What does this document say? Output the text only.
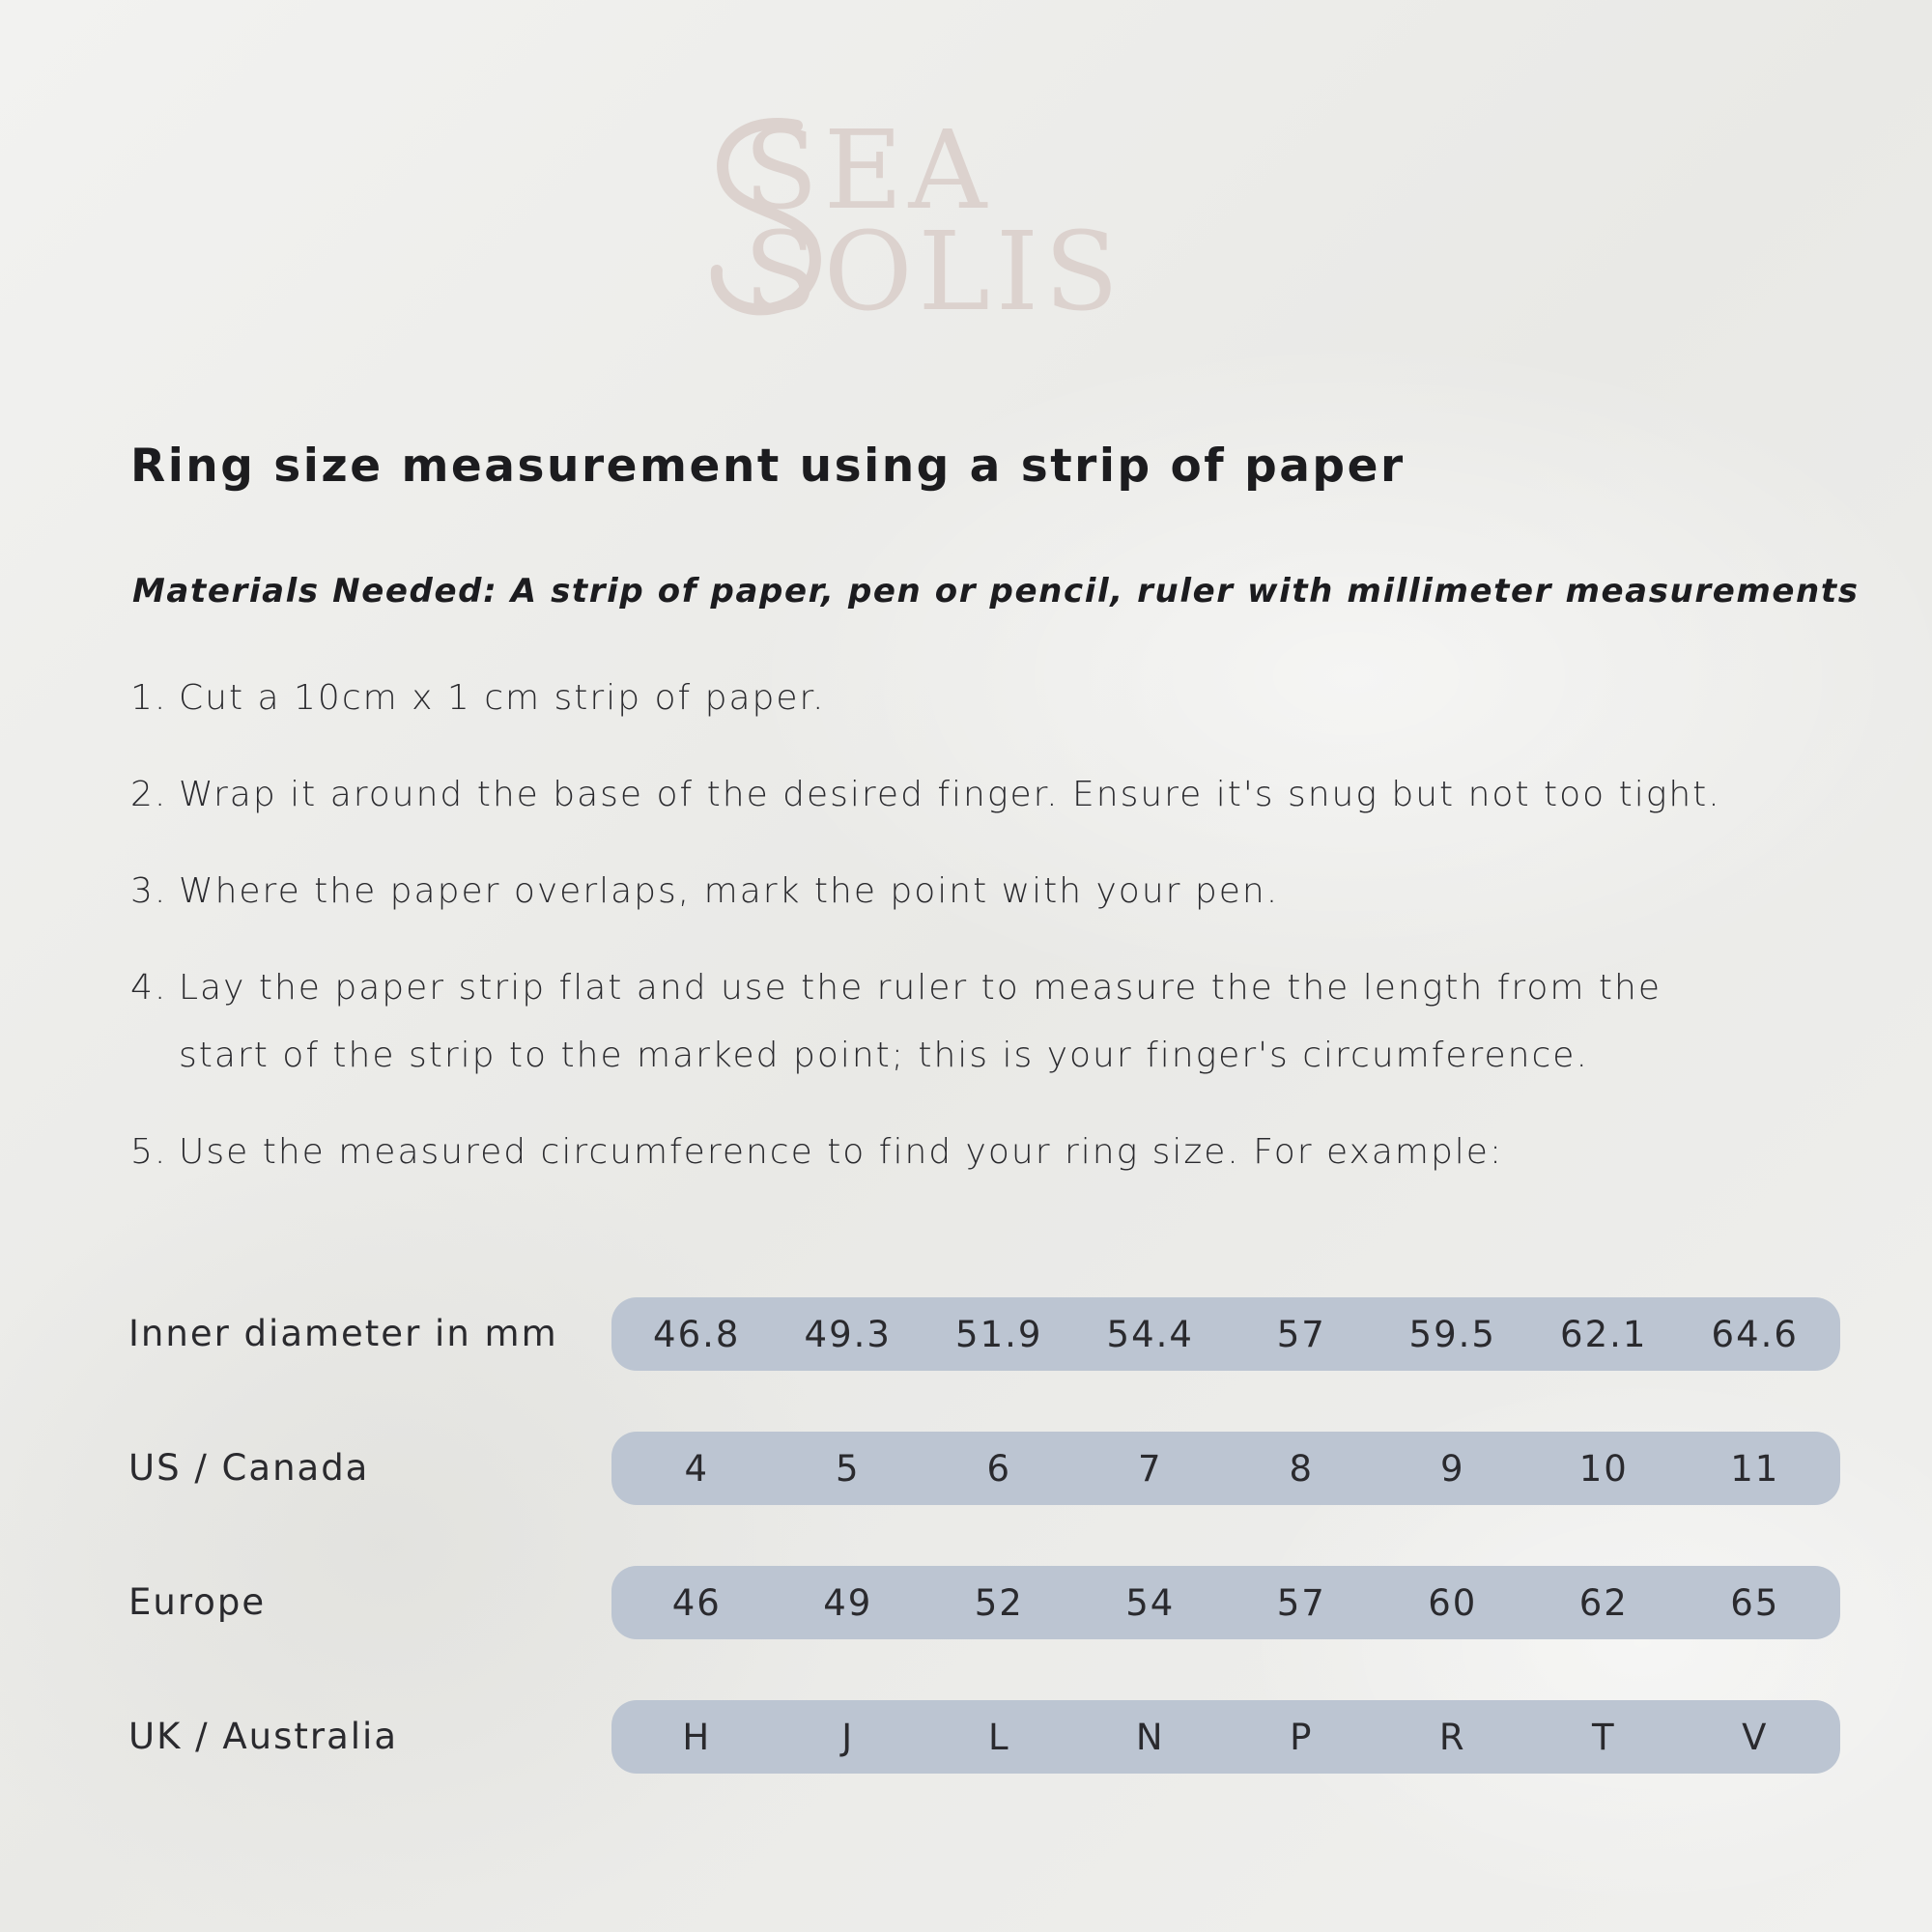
SEA
SOLIS
Ring size measurement using a strip of paper

Materials Needed: A strip of paper, pen or pencil, ruler with millimeter measurements

1. Cut a 10cm x 1 cm strip of paper.
2. Wrap it around the base of the desired finger. Ensure it's snug but not too tight.
3. Where the paper overlaps, mark the point with your pen.
4. Lay the paper strip flat and use the ruler to measure the the length from the start of the strip to the marked point; this is your finger's circumference.
5. Use the measured circumference to find your ring size. For example:
Inner diameter in mm	46.8	49.3	51.9	54.4	57	59.5	62.1	64.6
US / Canada	4	5	6	7	8	9	10	11
Europe	46	49	52	54	57	60	62	65
UK / Australia	H	J	L	N	P	R	T	V
